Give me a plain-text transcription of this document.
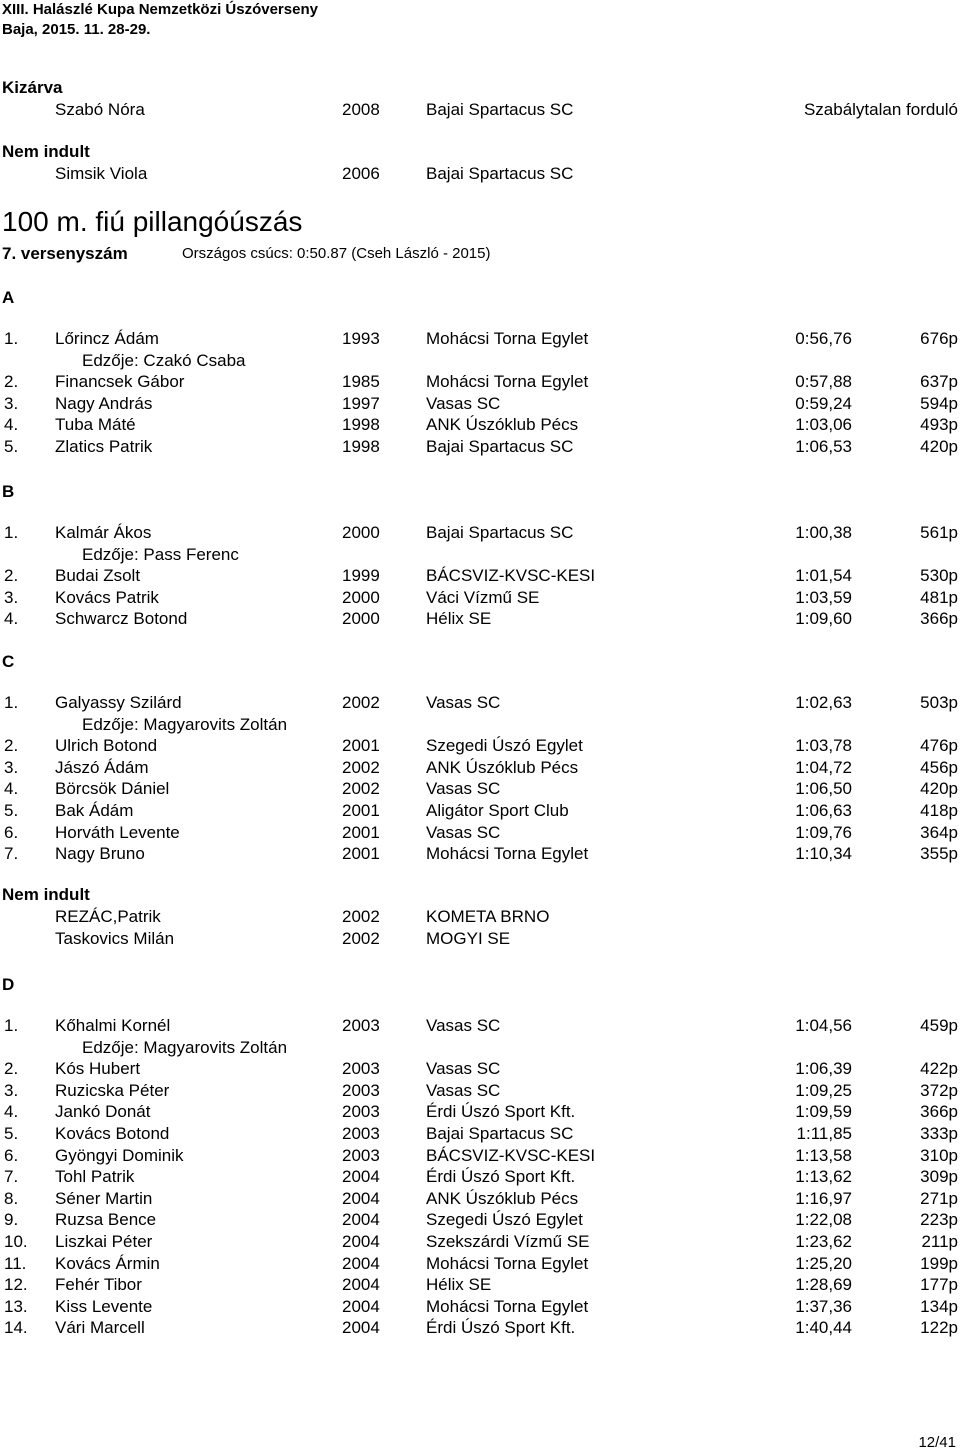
XIII. Halászlé Kupa Nemzetközi Úszóverseny
Baja, 2015. 11. 28-29.
Kizárva
Szabó Nóra	2008	Bajai Spartacus SC	Szabálytalan forduló
Nem indult
Simsik Viola	2006	Bajai Spartacus SC
100 m. fiú pillangóúszás
7. versenyszám	Országos csúcs: 0:50.87 (Cseh László - 2015)
A
1. Lőrincz Ádám	1993	Mohácsi Torna Egylet	0:56,76	676p
Edzője: Czakó Csaba
2. Financsek Gábor	1985	Mohácsi Torna Egylet	0:57,88	637p
3. Nagy András	1997	Vasas SC	0:59,24	594p
4. Tuba Máté	1998	ANK Úszóklub Pécs	1:03,06	493p
5. Zlatics Patrik	1998	Bajai Spartacus SC	1:06,53	420p
B
1. Kalmár Ákos	2000	Bajai Spartacus SC	1:00,38	561p
Edzője: Pass Ferenc
2. Budai Zsolt	1999	BÁCSVIZ-KVSC-KESI	1:01,54	530p
3. Kovács Patrik	2000	Váci Vízmű SE	1:03,59	481p
4. Schwarcz Botond	2000	Hélix SE	1:09,60	366p
C
1. Galyassy Szilárd	2002	Vasas SC	1:02,63	503p
Edzője: Magyarovits Zoltán
2. Ulrich Botond	2001	Szegedi Úszó Egylet	1:03,78	476p
3. Jászó Ádám	2002	ANK Úszóklub Pécs	1:04,72	456p
4. Börcsök Dániel	2002	Vasas SC	1:06,50	420p
5. Bak Ádám	2001	Aligátor Sport Club	1:06,63	418p
6. Horváth Levente	2001	Vasas SC	1:09,76	364p
7. Nagy Bruno	2001	Mohácsi Torna Egylet	1:10,34	355p
Nem indult
REZÁC,Patrik	2002	KOMETA BRNO
Taskovics Milán	2002	MOGYI SE
D
1. Kőhalmi Kornél	2003	Vasas SC	1:04,56	459p
Edzője: Magyarovits Zoltán
2. Kós Hubert	2003	Vasas SC	1:06,39	422p
3. Ruzicska Péter	2003	Vasas SC	1:09,25	372p
4. Jankó Donát	2003	Érdi Úszó Sport Kft.	1:09,59	366p
5. Kovács Botond	2003	Bajai Spartacus SC	1:11,85	333p
6. Gyöngyi Dominik	2003	BÁCSVIZ-KVSC-KESI	1:13,58	310p
7. Tohl Patrik	2004	Érdi Úszó Sport Kft.	1:13,62	309p
8. Séner Martin	2004	ANK Úszóklub Pécs	1:16,97	271p
9. Ruzsa Bence	2004	Szegedi Úszó Egylet	1:22,08	223p
10. Liszkai Péter	2004	Szekszárdi Vízmű SE	1:23,62	211p
11. Kovács Ármin	2004	Mohácsi Torna Egylet	1:25,20	199p
12. Fehér Tibor	2004	Hélix SE	1:28,69	177p
13. Kiss Levente	2004	Mohácsi Torna Egylet	1:37,36	134p
14. Vári Marcell	2004	Érdi Úszó Sport Kft.	1:40,44	122p
12/41
